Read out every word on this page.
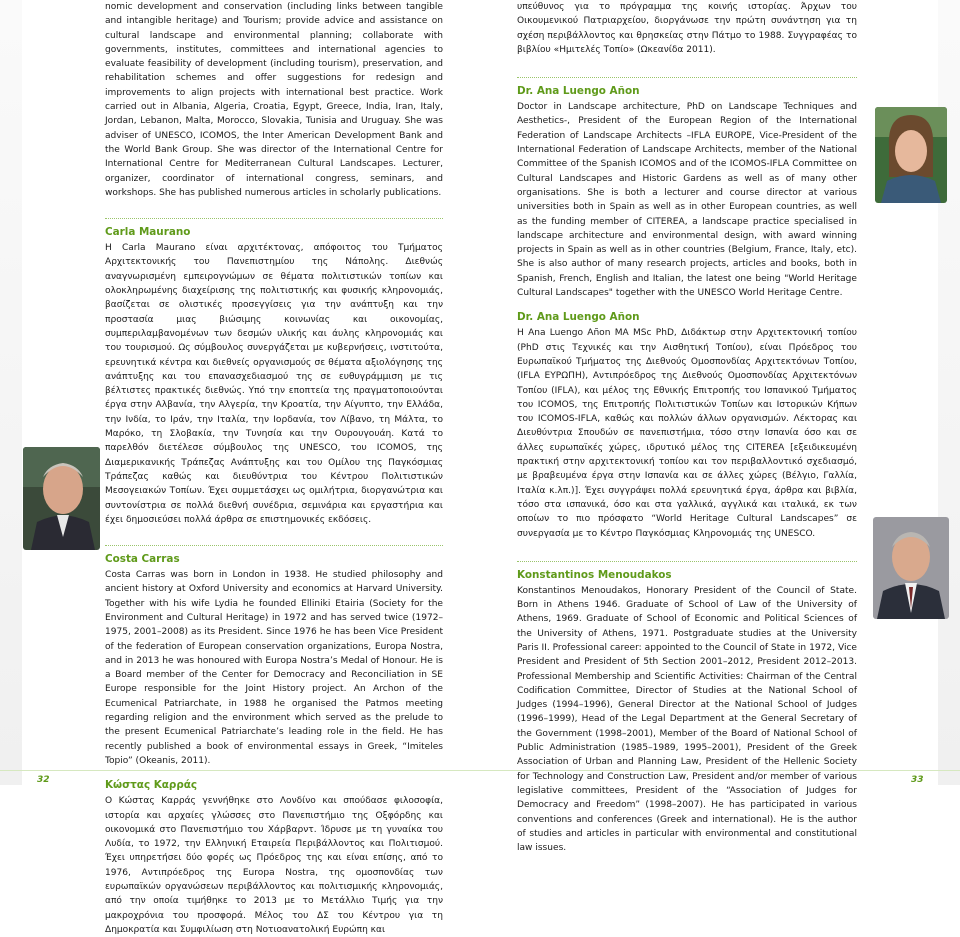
nomic development and conservation (including links between tangible and intangible heritage) and Tourism; provide advice and assistance on cultural landscape and environmental planning; collaborate with governments, institutes, committees and international agencies to evaluate feasibility of development (including tourism), preservation, and rehabilitation schemes and offer suggestions for redesign and improvements to align projects with international best practice. Work carried out in Albania, Algeria, Croatia, Egypt, Greece, India, Iran, Italy, Jordan, Lebanon, Malta, Morocco, Slovakia, Tunisia and Uruguay. She was adviser of UNESCO, ICOMOS, the Inter American Development Bank and the World Bank Group. She was director of the International Centre for International Centre for Mediterranean Cultural Landscapes. Lecturer, organizer, coordinator of international congress, seminars, and workshops. She has published numerous articles in scholarly publications.

Carla Maurano

Η Carla Maurano είναι αρχιτέκτονας, απόφοιτος του Τμήματος Αρχιτεκτονικής του Πανεπιστημίου της Νάπολης. Διεθνώς αναγνωρισμένη εμπειρογνώμων σε θέματα πολιτιστικών τοπίων και ολοκληρωμένης διαχείρισης της πολιτιστικής και φυσικής κληρονομιάς, βασίζεται σε ολιστικές προσεγγίσεις για την ανάπτυξη και την προστασία μιας βιώσιμης κοινωνίας και οικονομίας, συμπεριλαμβανομένων των δεσμών υλικής και άυλης κληρονομιάς και του τουρισμού. Ως σύμβουλος συνεργάζεται με κυβερνήσεις, ινστιτούτα, ερευνητικά κέντρα και διεθνείς οργανισμούς σε θέματα αξιολόγησης της ανάπτυξης και του επανασχεδιασμού της σε ευθυγράμμιση με τις βέλτιστες πρακτικές διεθνώς. Υπό την εποπτεία της πραγματοποιούνται έργα στην Αλβανία, την Αλγερία, την Κροατία, την Αίγυπτο, την Ελλάδα, την Ινδία, το Ιράν, την Ιταλία, την Ιορδανία, τον Λίβανο, τη Μάλτα, το Μαρόκο, τη Σλοβακία, την Τυνησία και την Ουρουγουάη. Κατά το παρελθόν διετέλεσε σύμβουλος της UNESCO, του ICOMOS, της Διαμερικανικής Τράπεζας Ανάπτυξης και του Ομίλου της Παγκόσμιας Τράπεζας καθώς και διευθύντρια του Κέντρου Πολιτιστικών Μεσογειακών Τοπίων. Έχει συμμετάσχει ως ομιλήτρια, διοργανώτρια και συντονίστρια σε πολλά διεθνή συνέδρια, σεμινάρια και εργαστήρια και έχει δημοσιεύσει πολλά άρθρα σε επιστημονικές εκδόσεις.

Costa Carras

Costa Carras was born in London in 1938. He studied philosophy and ancient history at Oxford University and economics at Harvard University. Together with his wife Lydia he founded Elliniki Etairia (Society for the Environment and Cultural Heritage) in 1972 and has served twice (1972–1975, 2001–2008) as its President. Since 1976 he has been Vice President of the federation of European conservation organizations, Europa Nostra, and in 2013 he was honoured with Europa Nostra’s Medal of Honour. He is a Board member of the Center for Democracy and Reconciliation in SE Europe responsible for the Joint History project. An Archon of the Ecumenical Patriarchate, in 1988 he organised the Patmos meeting regarding religion and the environment which served as the prelude to the present Ecumenical Patriarchate’s leading role in the field. He has recently published a book of environmental essays in Greek, “Imiteles Topio” (Okeanis, 2011).

Κώστας Καρράς

Ο Κώστας Καρράς γεννήθηκε στο Λονδίνο και σπούδασε φιλοσοφία, ιστορία και αρχαίες γλώσσες στο Πανεπιστήμιο της Οξφόρδης και οικονομικά στο Πανεπιστήμιο του Χάρβαρντ. Ίδρυσε με τη γυναίκα του Λυδία, το 1972, την Ελληνική Εταιρεία Περιβάλλοντος και Πολιτισμού. Έχει υπηρετήσει δύο φορές ως Πρόεδρος της και είναι επίσης, από το 1976, Αντιπρόεδρος της Europa Nostra, της ομοσπονδίας των ευρωπαϊκών οργανώσεων περιβάλλοντος και πολιτισμικής κληρονομιάς, από την οποία τιμήθηκε το 2013 με το Μετάλλιο Τιμής για την μακροχρόνια του προσφορά. Μέλος του ΔΣ του Κέντρου για τη Δημοκρατία και Συμφιλίωση στη Νοτιοανατολική Ευρώπη και

υπεύθυνος για το πρόγραμμα της κοινής ιστορίας. Άρχων του Οικουμενικού Πατριαρχείου, διοργάνωσε την πρώτη συνάντηση για τη σχέση περιβάλλοντος και θρησκείας στην Πάτμο το 1988. Συγγραφέας το βιβλίου «Ημιτελές Τοπίο» (Ωκεανίδα 2011).

Dr. Ana Luengo Añon

Doctor in Landscape architecture, PhD on Landscape Techniques and Aesthetics-, President of the European Region of the International Federation of Landscape Architects –IFLA EUROPE, Vice-President of the International Federation of Landscape Architects, member of the National Committee of the Spanish ICOMOS and of the ICOMOS-IFLA Committee on Cultural Landscapes and Historic Gardens as well as of many other organisations. She is both a lecturer and course director at various universities both in Spain as well as in other European countries, as well as the funding member of CITEREA, a landscape practice specialised in landscape architecture and environmental design, with award winning projects in Spain as well as in other countries (Belgium, France, Italy, etc). She is also author of many research projects, articles and books, both in Spanish, French, English and Italian, the latest one being "World Heritage Cultural Landscapes" together with the UNESCO World Heritage Centre.

Dr. Ana Luengo Añon

H Ana Luengo Añon MA MSc PhD, Διδάκτωρ στην Αρχιτεκτονική τοπίου (PhD στις Τεχνικές και την Αισθητική Τοπίου), είναι Πρόεδρος του Ευρωπαϊκού Τμήματος της Διεθνούς Ομοσπονδίας Αρχιτεκτόνων Τοπίου, (IFLA ΕΥΡΩΠΗ), Αντιπρόεδρος της Διεθνούς Ομοσπονδίας Αρχιτεκτόνων Τοπίου (IFLA), και μέλος της Εθνικής Επιτροπής του Ισπανικού Τμήματος του ICOMOS, της Επιτροπής Πολιτιστικών Τοπίων και Ιστορικών Κήπων του ICOMOS-IFLA, καθώς και πολλών άλλων οργανισμών. Λέκτορας και Διευθύντρια Σπουδών σε πανεπιστήμια, τόσο στην Ισπανία όσο και σε άλλες ευρωπαϊκές χώρες, ιδρυτικό μέλος της CITEREA [εξειδικευμένη πρακτική στην αρχιτεκτονική τοπίου και τον περιβαλλοντικό σχεδιασμό, με βραβευμένα έργα στην Ισπανία και σε άλλες χώρες (Βέλγιο, Γαλλία, Ιταλία κ.λπ.)]. Έχει συγγράψει πολλά ερευνητικά έργα, άρθρα και βιβλία, τόσο στα ισπανικά, όσο και στα γαλλικά, αγγλικά και ιταλικά, εκ των οποίων το πιο πρόσφατο “World Heritage Cultural Landscapes” σε συνεργασία με το Κέντρο Παγκόσμιας Κληρονομιάς της UNESCO.

Konstantinos Menoudakos

Konstantinos Menoudakos, Honorary President of the Council of State. Born in Athens 1946. Graduate of School of Law of the University of Athens, 1969. Graduate of School of Economic and Political Sciences of the University of Athens, 1971. Postgraduate studies at the University Paris II. Professional career: appointed to the Council of State in 1972, Vice President and President of 5th Section 2001–2012, President 2012–2013. Professional Membership and Scientific Activities: Chairman of the Central Codification Committee, Director of Studies at the National School of Judges (1994–1996), General Director at the National School of Judges (1996–1999), Head of the Legal Department at the General Secretary of the Government (1998–2001), Member of the Board of National School of Public Administration (1985–1989, 1995–2001), President of the Greek Association of Urban and Planning Law, President of the Hellenic Society for Technology and Construction Law, President and/or member of various legislative committees, President of the “Association of Judges for Democracy and Freedom” (1998–2007). He has participated in various conventions and conferences (Greek and international). He is the author of studies and articles in particular with environmental and constitutional law issues.

32	33
